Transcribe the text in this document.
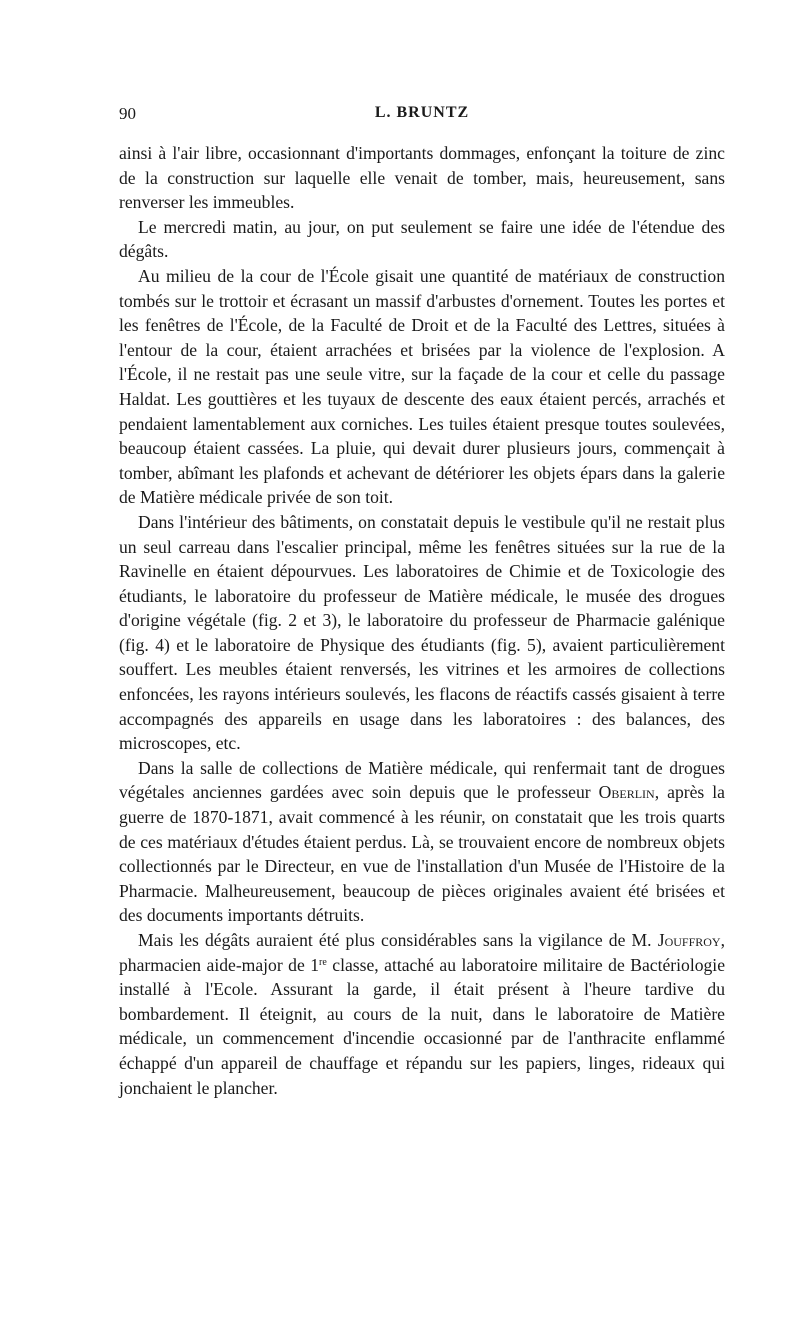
90	L. BRUNTZ

ainsi à l'air libre, occasionnant d'importants dommages, enfonçant la toiture de zinc de la construction sur laquelle elle venait de tomber, mais, heureusement, sans renverser les immeubles.

Le mercredi matin, au jour, on put seulement se faire une idée de l'étendue des dégâts.

Au milieu de la cour de l'École gisait une quantité de matériaux de construction tombés sur le trottoir et écrasant un massif d'arbustes d'ornement. Toutes les portes et les fenêtres de l'École, de la Faculté de Droit et de la Faculté des Lettres, situées à l'entour de la cour, étaient arrachées et brisées par la violence de l'explosion. A l'École, il ne restait pas une seule vitre, sur la façade de la cour et celle du passage Haldat. Les gouttières et les tuyaux de descente des eaux étaient percés, arrachés et pendaient lamentablement aux corniches. Les tuiles étaient presque toutes soulevées, beaucoup étaient cassées. La pluie, qui devait durer plusieurs jours, commençait à tomber, abîmant les plafonds et achevant de détériorer les objets épars dans la galerie de Matière médicale privée de son toit.

Dans l'intérieur des bâtiments, on constatait depuis le vestibule qu'il ne restait plus un seul carreau dans l'escalier principal, même les fenêtres situées sur la rue de la Ravinelle en étaient dépourvues. Les laboratoires de Chimie et de Toxicologie des étudiants, le laboratoire du professeur de Matière médicale, le musée des drogues d'origine végétale (fig. 2 et 3), le laboratoire du professeur de Pharmacie galénique (fig. 4) et le laboratoire de Physique des étudiants (fig. 5), avaient particulièrement souffert. Les meubles étaient renversés, les vitrines et les armoires de collections enfoncées, les rayons intérieurs soulevés, les flacons de réactifs cassés gisaient à terre accompagnés des appareils en usage dans les laboratoires : des balances, des microscopes, etc.

Dans la salle de collections de Matière médicale, qui renfermait tant de drogues végétales anciennes gardées avec soin depuis que le professeur Oberlin, après la guerre de 1870-1871, avait commencé à les réunir, on constatait que les trois quarts de ces matériaux d'études étaient perdus. Là, se trouvaient encore de nombreux objets collectionnés par le Directeur, en vue de l'installation d'un Musée de l'Histoire de la Pharmacie. Malheureusement, beaucoup de pièces originales avaient été brisées et des documents importants détruits.

Mais les dégâts auraient été plus considérables sans la vigilance de M. Jouffroy, pharmacien aide-major de 1re classe, attaché au laboratoire militaire de Bactériologie installé à l'Ecole. Assurant la garde, il était présent à l'heure tardive du bombardement. Il éteignit, au cours de la nuit, dans le laboratoire de Matière médicale, un commencement d'incendie occasionné par de l'anthracite enflammé échappé d'un appareil de chauffage et répandu sur les papiers, linges, rideaux qui jonchaient le plancher.
